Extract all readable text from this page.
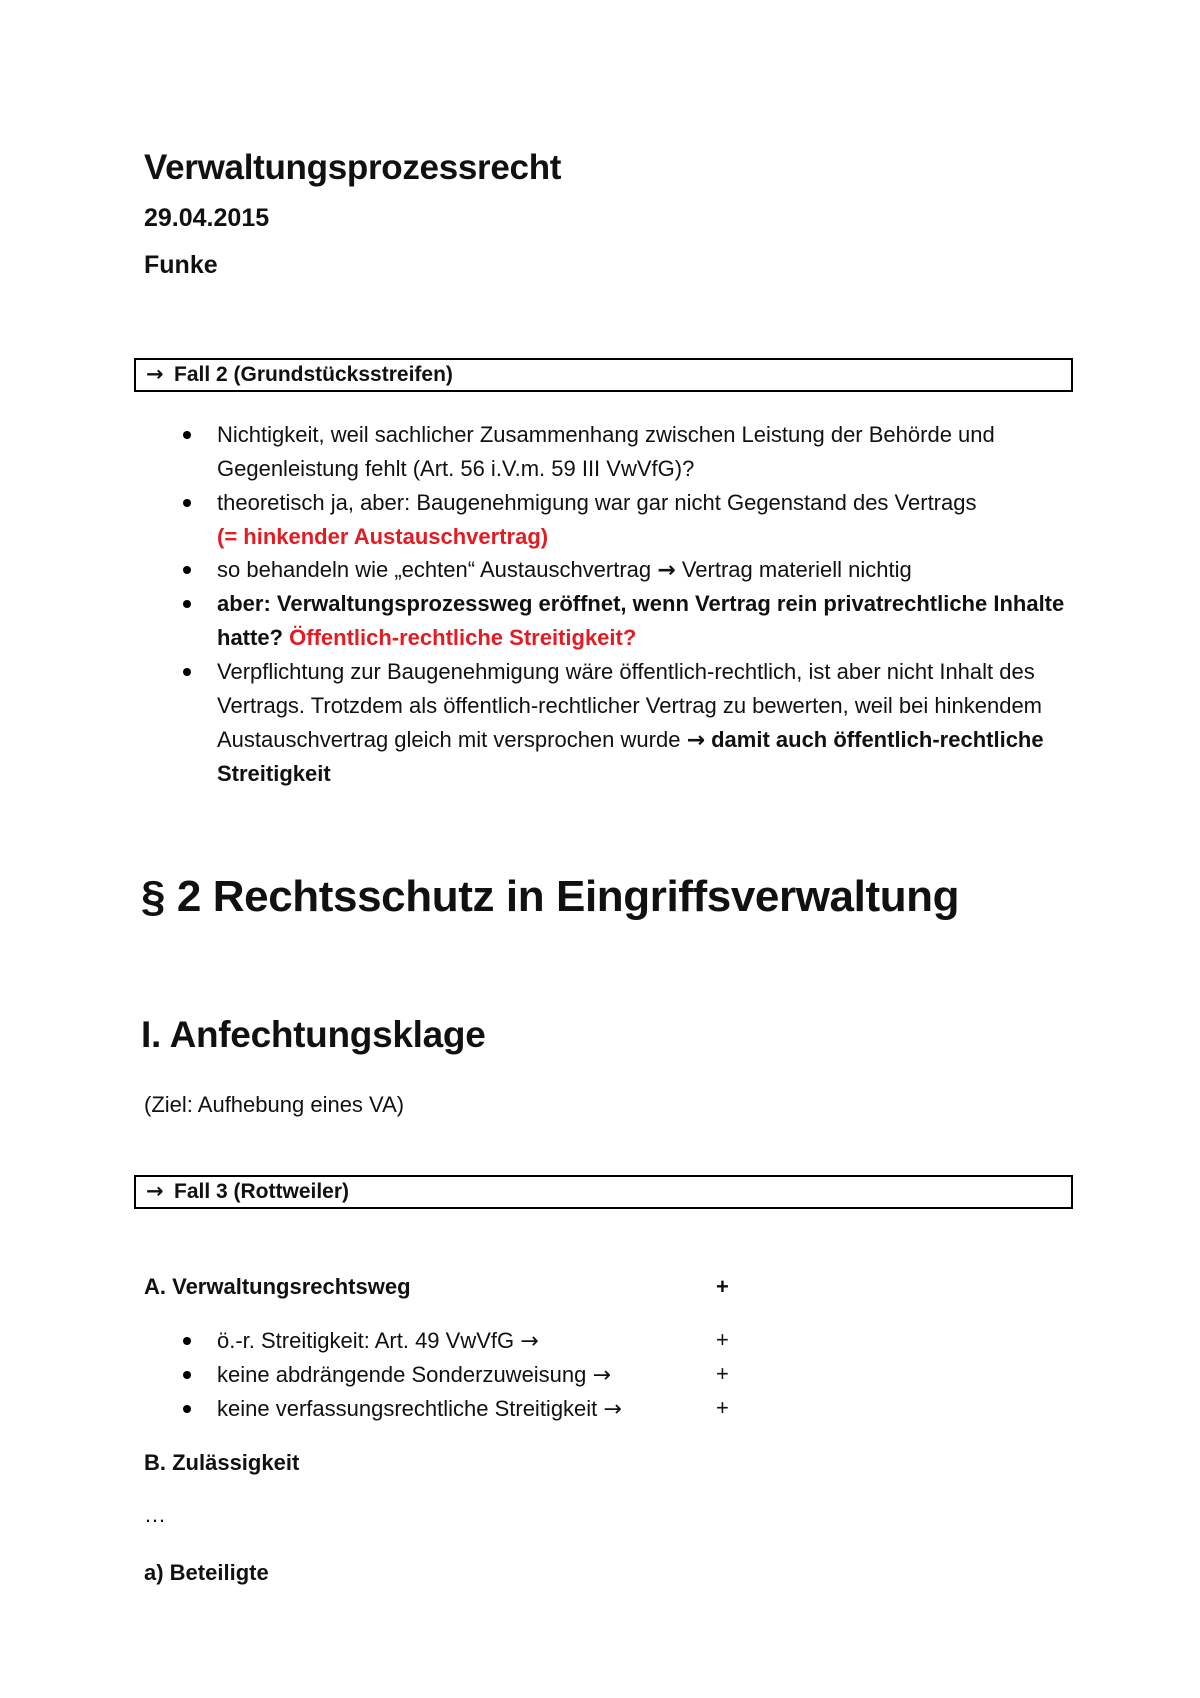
Verwaltungsprozessrecht
29.04.2015
Funke
→ Fall 2 (Grundstücksstreifen)
Nichtigkeit, weil sachlicher Zusammenhang zwischen Leistung der Behörde und
Gegenleistung fehlt (Art. 56 i.V.m. 59 III VwVfG)?
theoretisch ja, aber: Baugenehmigung war gar nicht Gegenstand des Vertrags
(= hinkender Austauschvertrag)
so behandeln wie „echten“ Austauschvertrag → Vertrag materiell nichtig
aber: Verwaltungsprozessweg eröffnet, wenn Vertrag rein privatrechtliche Inhalte
hatte? Öffentlich-rechtliche Streitigkeit?
Verpflichtung zur Baugenehmigung wäre öffentlich-rechtlich, ist aber nicht Inhalt des
Vertrags. Trotzdem als öffentlich-rechtlicher Vertrag zu bewerten, weil bei hinkendem
Austauschvertrag gleich mit versprochen wurde → damit auch öffentlich-rechtliche
Streitigkeit
§ 2 Rechtsschutz in Eingriffsverwaltung
I. Anfechtungsklage
(Ziel: Aufhebung eines VA)
→ Fall 3 (Rottweiler)
A. Verwaltungsrechtsweg	+
ö.-r. Streitigkeit: Art. 49 VwVfG →	+
keine abdrängende Sonderzuweisung →	+
keine verfassungsrechtliche Streitigkeit →	+
B. Zulässigkeit
…
a) Beteiligte
